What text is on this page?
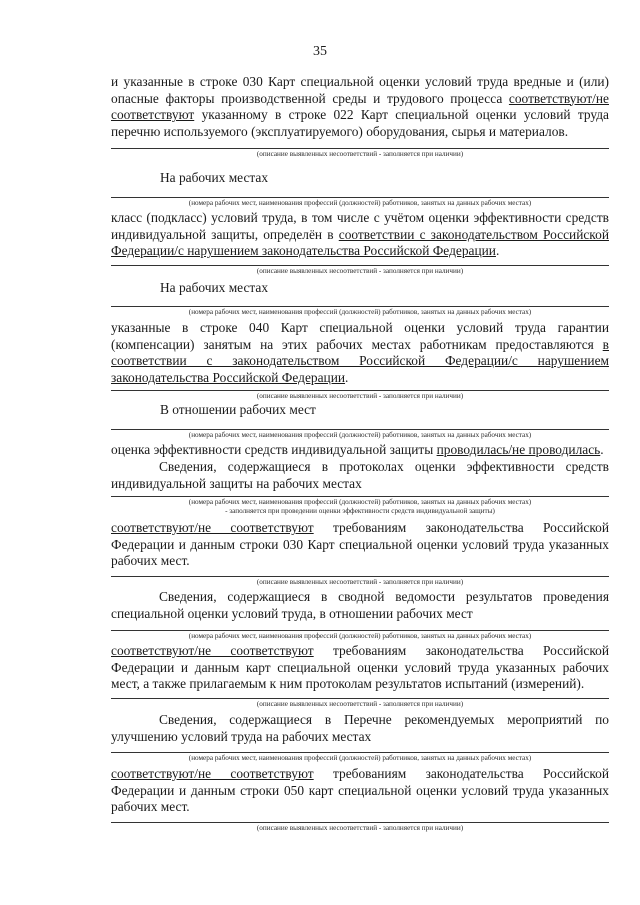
35

и указанные в строке 030 Карт специальной оценки условий труда вредные и (или) опасные факторы производственной среды и трудового процесса соответствуют/не соответствуют указанному в строке 022 Карт специальной оценки условий труда перечню используемого (эксплуатируемого) оборудования, сырья и материалов.

(описание выявленных несоответствий - заполняется при наличии)
На рабочих местах
(номера рабочих мест, наименования профессий (должностей) работников, занятых на данных рабочих местах)

класс (подкласс) условий труда, в том числе с учётом оценки эффективности средств индивидуальной защиты, определён в соответствии с законодательством Российской Федерации/с нарушением законодательства Российской Федерации.

(описание выявленных несоответствий - заполняется при наличии)
На рабочих местах
(номера рабочих мест, наименования профессий (должностей) работников, занятых на данных рабочих местах)

указанные в строке 040 Карт специальной оценки условий труда гарантии (компенсации) занятым на этих рабочих местах работникам предоставляются в соответствии с законодательством Российской Федерации/с нарушением законодательства Российской Федерации.

(описание выявленных несоответствий - заполняется при наличии)
В отношении рабочих мест
(номера рабочих мест, наименования профессий (должностей) работников, занятых на данных рабочих местах)

оценка эффективности средств индивидуальной защиты проводилась/не проводилась.

Сведения, содержащиеся в протоколах оценки эффективности средств индивидуальной защиты на рабочих местах

(номера рабочих мест, наименования профессий (должностей) работников, занятых на данных рабочих местах)
- заполняется при проведении оценки эффективности средств индивидуальной защиты)

соответствуют/не соответствуют требованиям законодательства Российской Федерации и данным строки 030 Карт специальной оценки условий труда указанных рабочих мест.

(описание выявленных несоответствий - заполняется при наличии)

Сведения, содержащиеся в сводной ведомости результатов проведения специальной оценки условий труда, в отношении рабочих мест

(номера рабочих мест, наименования профессий (должностей) работников, занятых на данных рабочих местах)

соответствуют/не соответствуют требованиям законодательства Российской Федерации и данным карт специальной оценки условий труда указанных рабочих мест, а также прилагаемым к ним протоколам результатов испытаний (измерений).

(описание выявленных несоответствий - заполняется при наличии)

Сведения, содержащиеся в Перечне рекомендуемых мероприятий по улучшению условий труда на рабочих местах

(номера рабочих мест, наименования профессий (должностей) работников, занятых на данных рабочих местах)

соответствуют/не соответствуют требованиям законодательства Российской Федерации и данным строки 050 карт специальной оценки условий труда указанных рабочих мест.

(описание выявленных несоответствий - заполняется при наличии)
